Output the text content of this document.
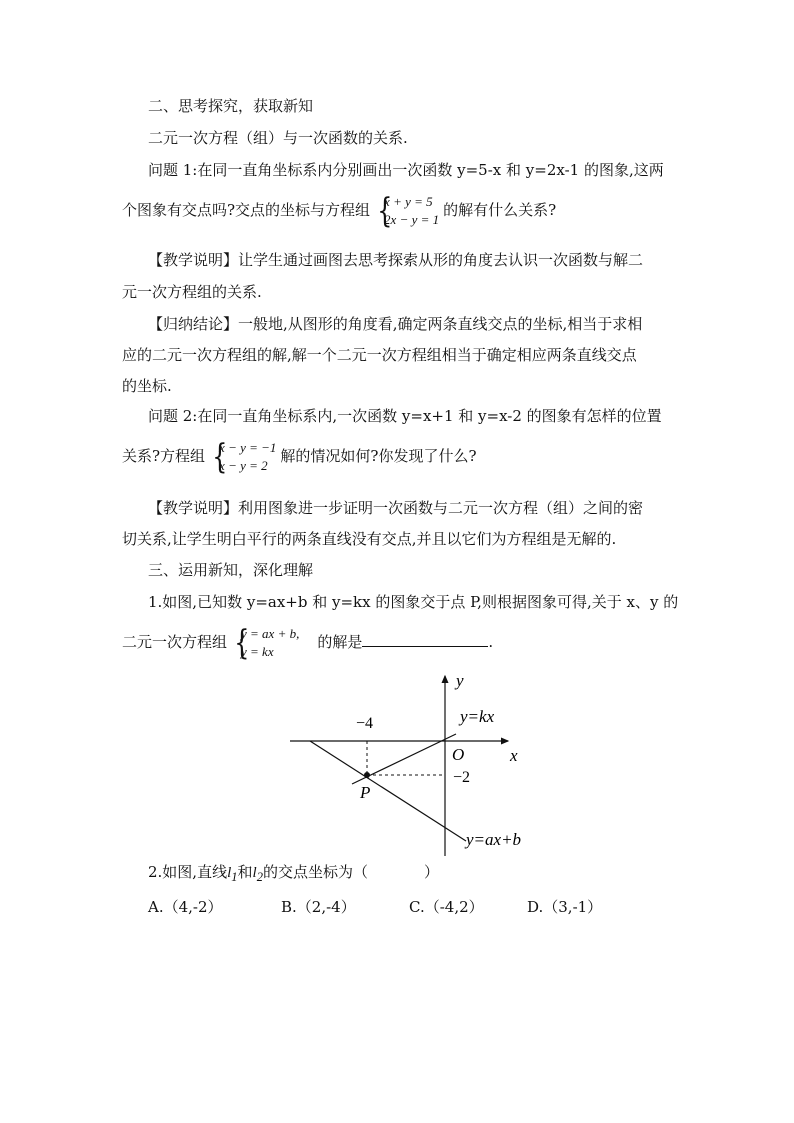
二、思考探究，获取新知
二元一次方程（组）与一次函数的关系.
问题 1:在同一直角坐标系内分别画出一次函数 y=5-x 和 y=2x-1 的图象,这两
个图象有交点吗?交点的坐标与方程组 {
x + y = 5
2x − y = 1
的解有什么关系?
【教学说明】让学生通过画图去思考探索从形的角度去认识一次函数与解二
元一次方程组的关系.
【归纳结论】一般地,从图形的角度看,确定两条直线交点的坐标,相当于求相
应的二元一次方程组的解,解一个二元一次方程组相当于确定相应两条直线交点
的坐标.
问题 2:在同一直角坐标系内,一次函数 y=x+1 和 y=x-2 的图象有怎样的位置
关系?方程组 {
x − y = −1
x − y = 2
解的情况如何?你发现了什么?
【教学说明】利用图象进一步证明一次函数与二元一次方程（组）之间的密
切关系,让学生明白平行的两条直线没有交点,并且以它们为方程组是无解的.
三、运用新知，深化理解
1.如图,已知数 y=ax+b 和 y=kx 的图象交于点 P,则根据图象可得,关于 x、y 的
二元一次方程组 {
y = ax + b,
y = kx
的解是	.
y
x
O
−4
−2
P
y=kx
y=ax+b
2.如图,直线$l_1$和$l_2$的交点坐标为（	）
A.（4,-2）	B.（2,-4）	C.（-4,2）	D.（3,-1）
